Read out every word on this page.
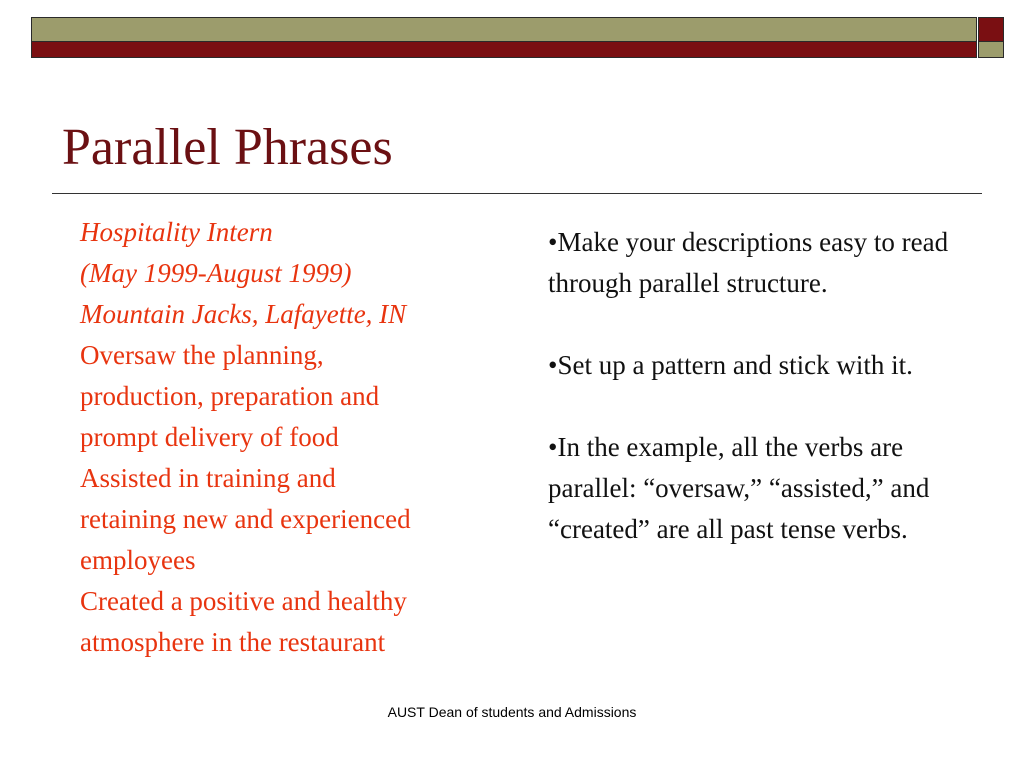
Parallel Phrases
Hospitality Intern
(May 1999-August 1999)
Mountain Jacks, Lafayette, IN
Oversaw the planning,
production, preparation and
prompt delivery of food
Assisted in training and
retaining new and experienced
employees
Created a positive and healthy
atmosphere in the restaurant

•Make your descriptions easy to read through parallel structure.

•Set up a pattern and stick with it.

•In the example, all the verbs are parallel: “oversaw,” “assisted,” and “created” are all past tense verbs.

AUST Dean of students and Admissions
